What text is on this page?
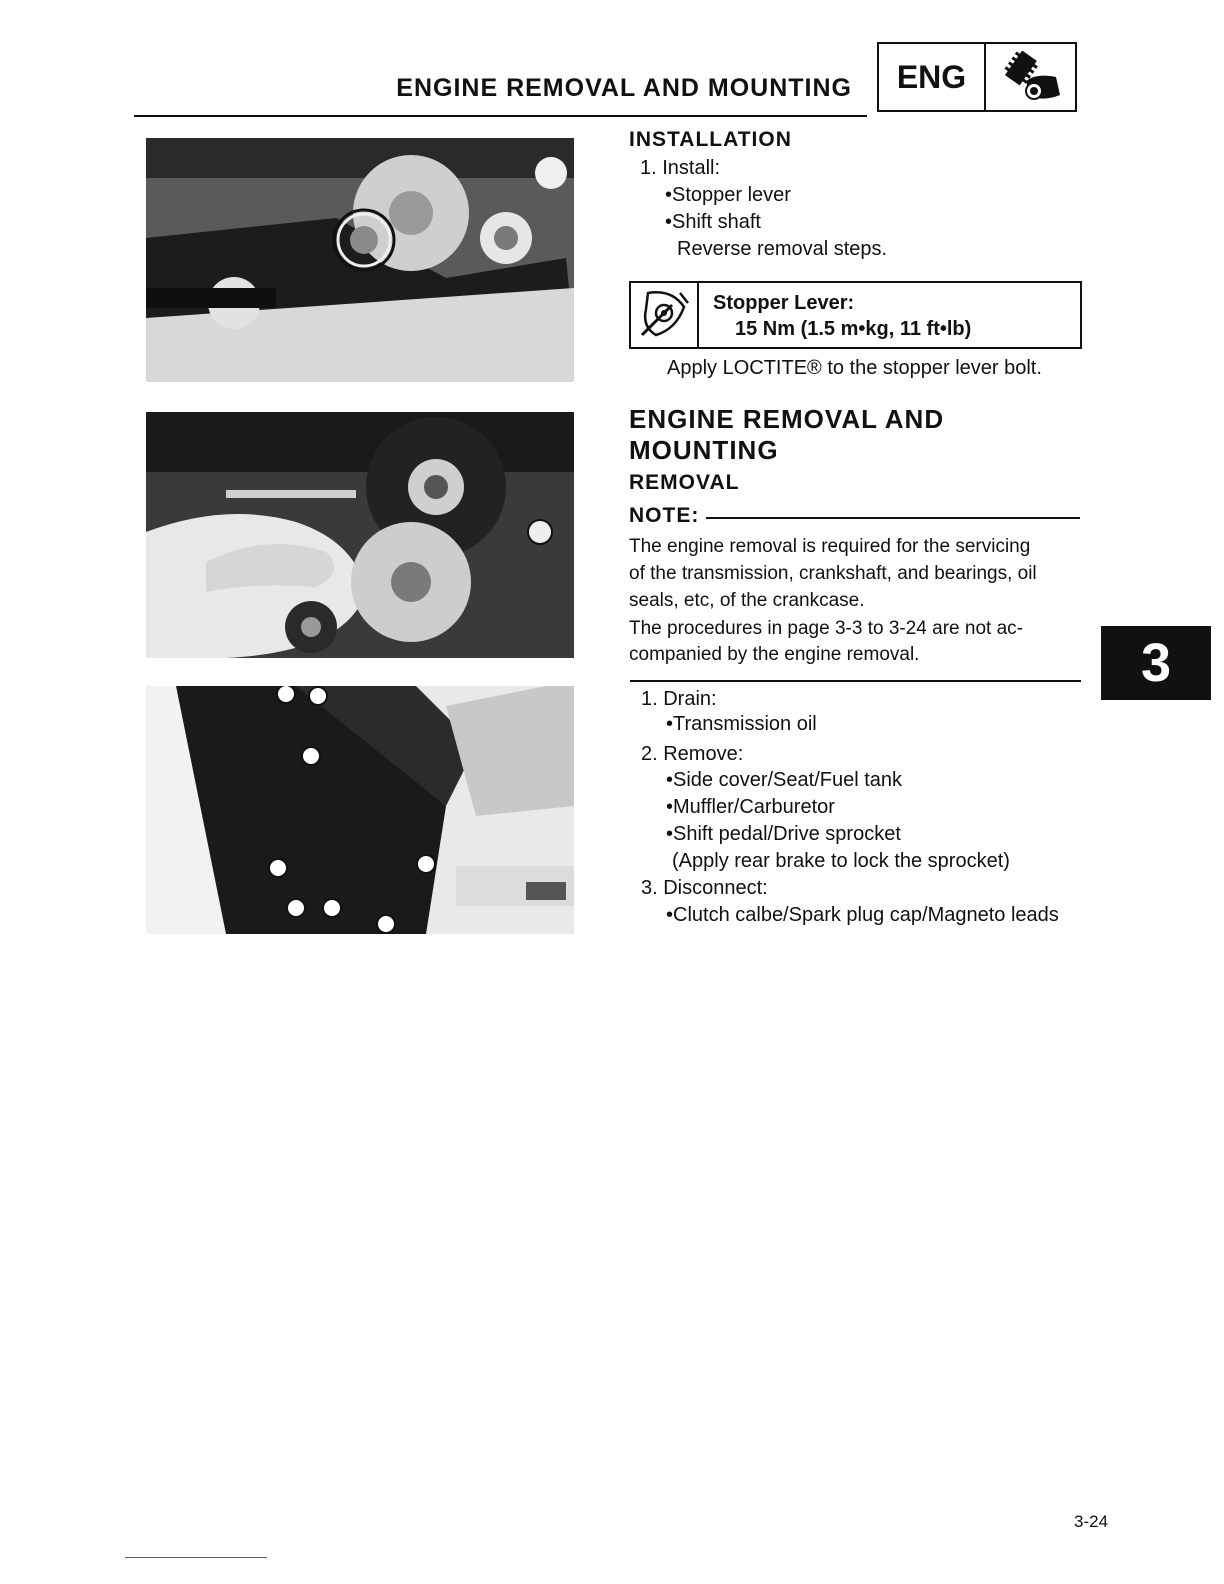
ENGINE REMOVAL AND MOUNTING	ENG
INSTALLATION
1. Install:
•Stopper lever
•Shift shaft
Reverse removal steps.
Stopper Lever:
15 Nm (1.5 m•kg, 11 ft•lb)
Apply LOCTITE® to the stopper lever bolt.
ENGINE REMOVAL AND
MOUNTING
REMOVAL
NOTE:
The engine removal is required for the servicing
of the transmission, crankshaft, and bearings, oil
seals, etc, of the crankcase.
The procedures in page 3-3 to 3-24 are not ac-
companied by the engine removal.
1. Drain:
•Transmission oil
2. Remove:
•Side cover/Seat/Fuel tank
•Muffler/Carburetor
•Shift pedal/Drive sprocket
(Apply rear brake to lock the sprocket)
3. Disconnect:
•Clutch calbe/Spark plug cap/Magneto leads
3
3-24
